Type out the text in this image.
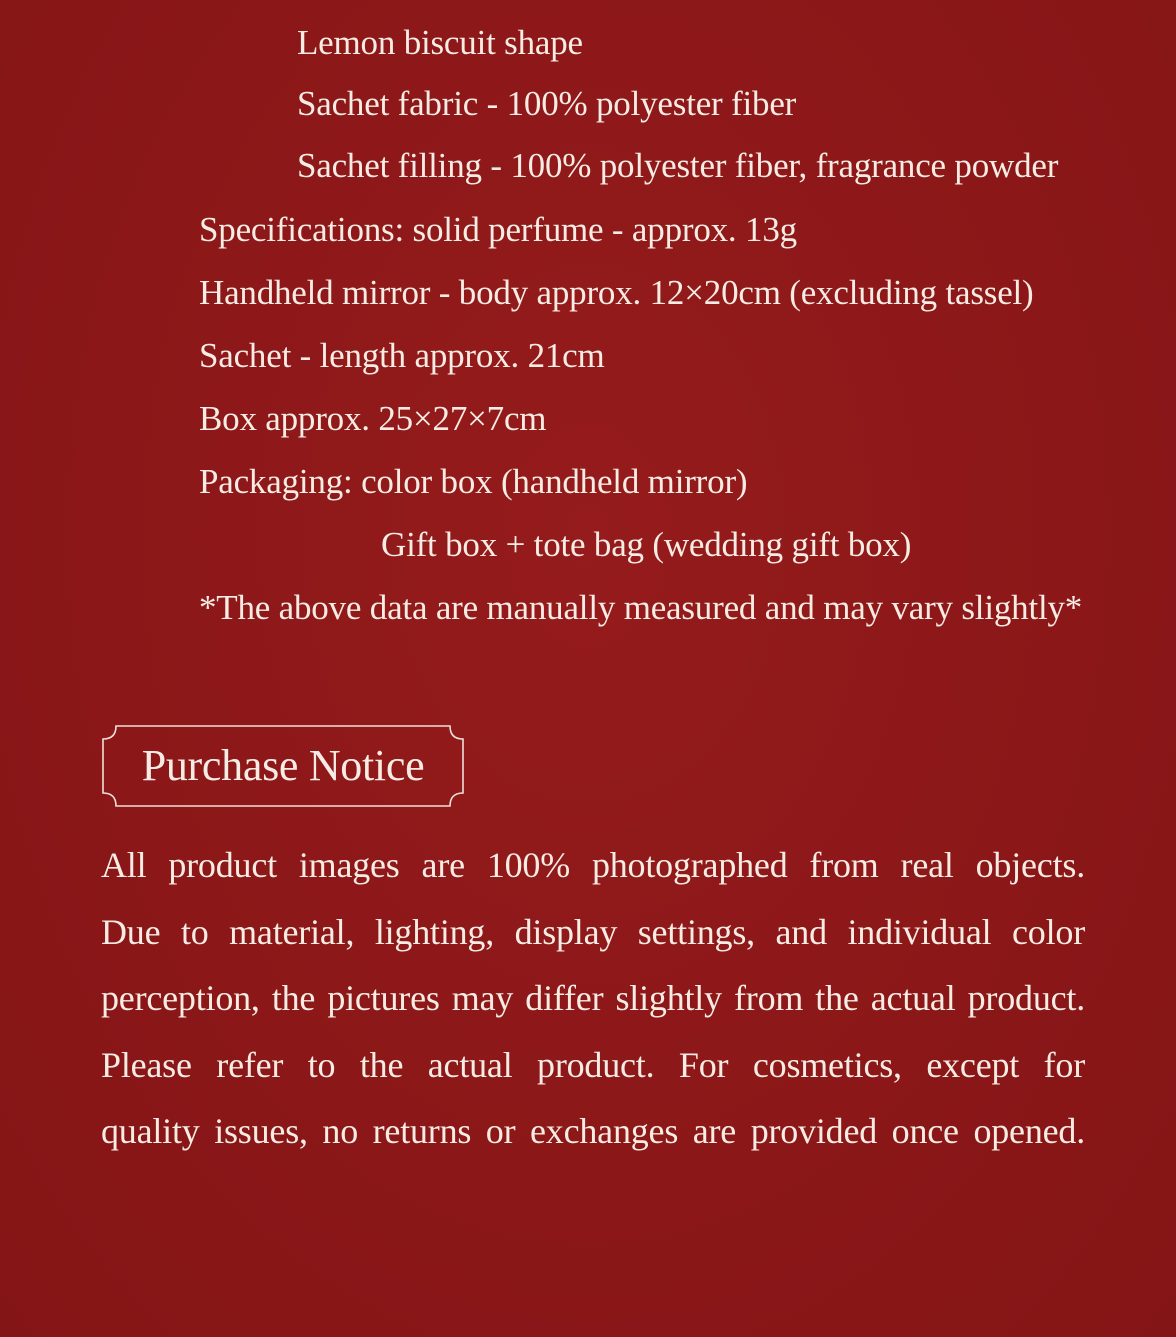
Lemon biscuit shape
Sachet fabric - 100% polyester fiber
Sachet filling - 100% polyester fiber, fragrance powder
Specifications: solid perfume - approx. 13g
Handheld mirror - body approx. 12×20cm (excluding tassel)
Sachet - length approx. 21cm
Box approx. 25×27×7cm
Packaging: color box (handheld mirror)
Gift box + tote bag (wedding gift box)
*The above data are manually measured and may vary slightly*
Purchase Notice
All product images are 100% photographed from real objects.
Due to material, lighting, display settings, and individual color
perception, the pictures may differ slightly from the actual product.
Please refer to the actual product. For cosmetics, except for
quality issues, no returns or exchanges are provided once opened.
